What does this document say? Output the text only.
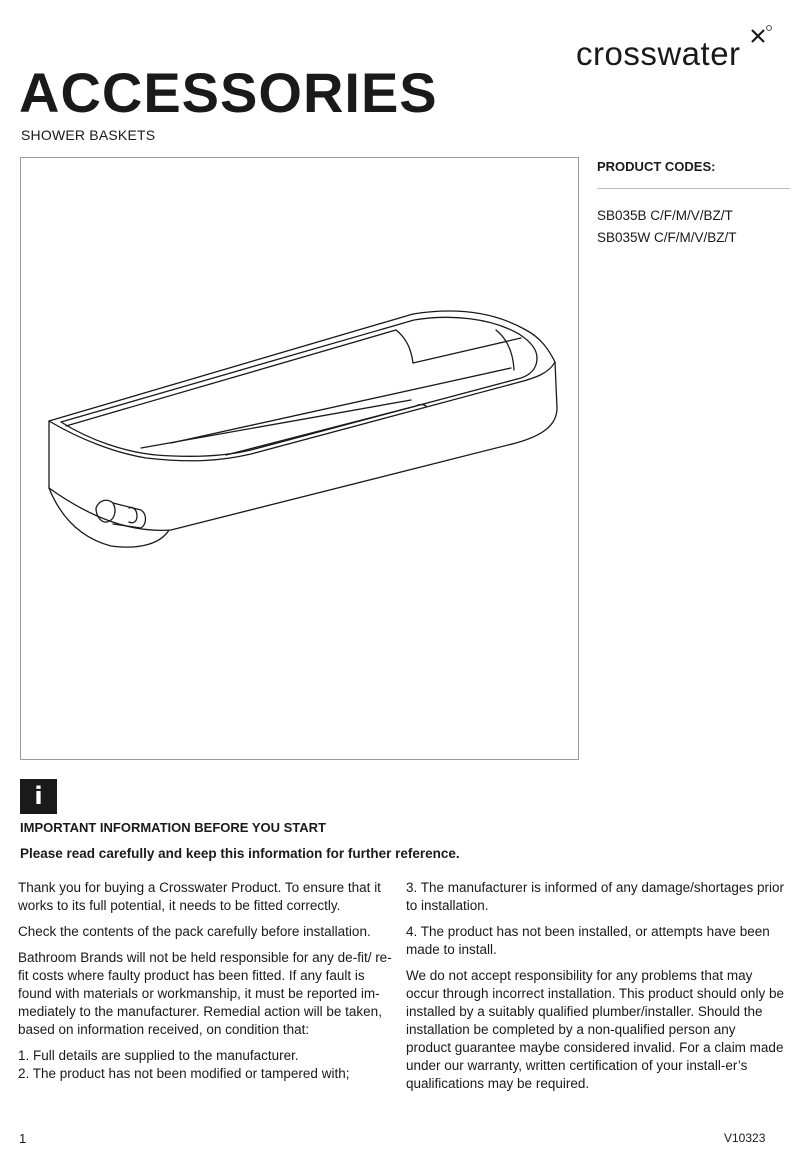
ACCESSORIES
SHOWER BASKETS
crosswater
PRODUCT CODES:
SB035B C/F/M/V/BZ/T
SB035W C/F/M/V/BZ/T
i
IMPORTANT INFORMATION BEFORE YOU START
Please read carefully and keep this information for further reference.

Thank you for buying a Crosswater Product. To ensure that it works to its full potential, it needs to be fitted correctly.

Check the contents of the pack carefully before installation.

Bathroom Brands will not be held responsible for any de-fit/ re-fit costs where faulty product has been fitted. If any fault is found with materials or workmanship, it must be reported im-mediately to the manufacturer. Remedial action will be taken, based on information received, on condition that:

1. Full details are supplied to the manufacturer.

2. The product has not been modified or tampered with;

3. The manufacturer is informed of any damage/shortages prior to installation.

4. The product has not been installed, or attempts have been made to install.

We do not accept responsibility for any problems that may occur through incorrect installation. This product should only be installed by a suitably qualified plumber/installer. Should the installation be completed by a non-qualified person any product guarantee maybe considered invalid. For a claim made under our warranty, written certification of your install-er’s qualifications may be required.

1	V10323
